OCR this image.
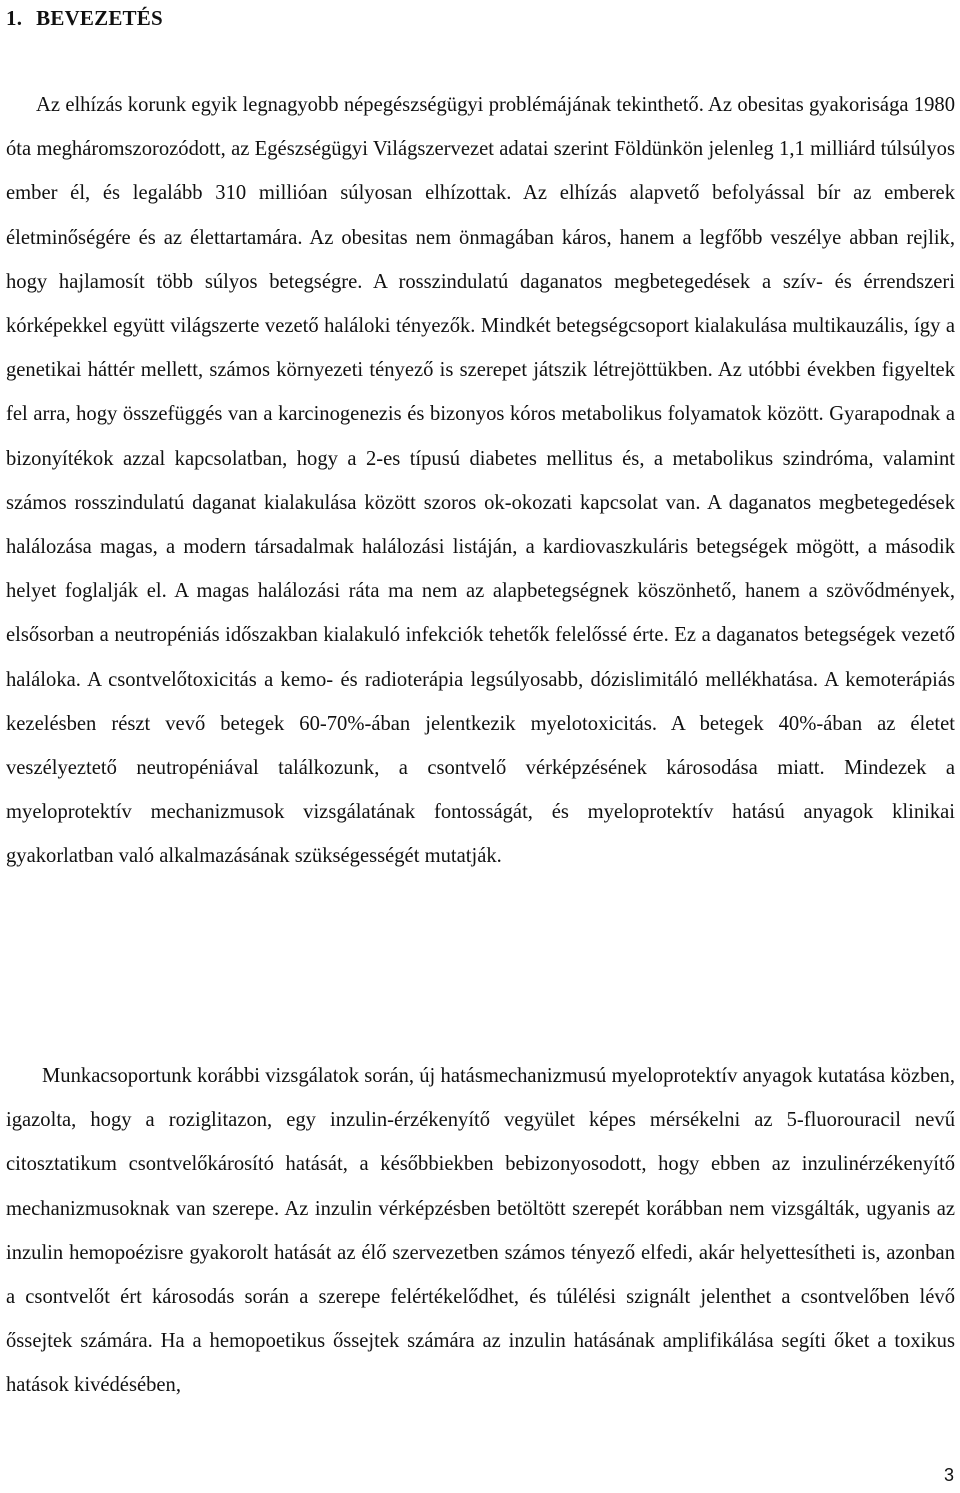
1. BEVEZETÉS

Az elhízás korunk egyik legnagyobb népegészségügyi problémájának tekinthető. Az obesitas gyakorisága 1980 óta megháromszorozódott, az Egészségügyi Világszervezet adatai szerint Földünkön jelenleg 1,1 milliárd túlsúlyos ember él, és legalább 310 millióan súlyosan elhízottak. Az elhízás alapvető befolyással bír az emberek életminőségére és az élettartamára. Az obesitas nem önmagában káros, hanem a legfőbb veszélye abban rejlik, hogy hajlamosít több súlyos betegségre. A rosszindulatú daganatos megbetegedések a szív- és érrendszeri kórképekkel együtt világszerte vezető haláloki tényezők. Mindkét betegségcsoport kialakulása multikauzális, így a genetikai háttér mellett, számos környezeti tényező is szerepet játszik létrejöttükben. Az utóbbi években figyeltek fel arra, hogy összefüggés van a karcinogenezis és bizonyos kóros metabolikus folyamatok között. Gyarapodnak a bizonyítékok azzal kapcsolatban, hogy a 2-es típusú diabetes mellitus és, a metabolikus szindróma, valamint számos rosszindulatú daganat kialakulása között szoros ok-okozati kapcsolat van. A daganatos megbetegedések halálozása magas, a modern társadalmak halálozási listáján, a kardiovaszkuláris betegségek mögött, a második helyet foglalják el. A magas halálozási ráta ma nem az alapbetegségnek köszönhető, hanem a szövődmények, elsősorban a neutropéniás időszakban kialakuló infekciók tehetők felelőssé érte. Ez a daganatos betegségek vezető haláloka. A csontvelőtoxicitás a kemo- és radioterápia legsúlyosabb, dózislimitáló mellékhatása. A kemoterápiás kezelésben részt vevő betegek 60-70%-ában jelentkezik myelotoxicitás. A betegek 40%-ában az életet veszélyeztető neutropéniával találkozunk, a csontvelő vérképzésének károsodása miatt. Mindezek a myeloprotektív mechanizmusok vizsgálatának fontosságát, és myeloprotektív hatású anyagok klinikai gyakorlatban való alkalmazásának szükségességét mutatják.

Munkacsoportunk korábbi vizsgálatok során, új hatásmechanizmusú myeloprotektív anyagok kutatása közben, igazolta, hogy a roziglitazon, egy inzulin-érzékenyítő vegyület képes mérsékelni az 5-fluorouracil nevű citosztatikum csontvelőkárosító hatását, a későbbiekben bebizonyosodott, hogy ebben az inzulinérzékenyítő mechanizmusoknak van szerepe. Az inzulin vérképzésben betöltött szerepét korábban nem vizsgálták, ugyanis az inzulin hemopoézisre gyakorolt hatását az élő szervezetben számos tényező elfedi, akár helyettesítheti is, azonban a csontvelőt ért károsodás során a szerepe felértékelődhet, és túlélési szignált jelenthet a csontvelőben lévő őssejtek számára. Ha a hemopoetikus őssejtek számára az inzulin hatásának amplifikálása segíti őket a toxikus hatások kivédésében,

3
